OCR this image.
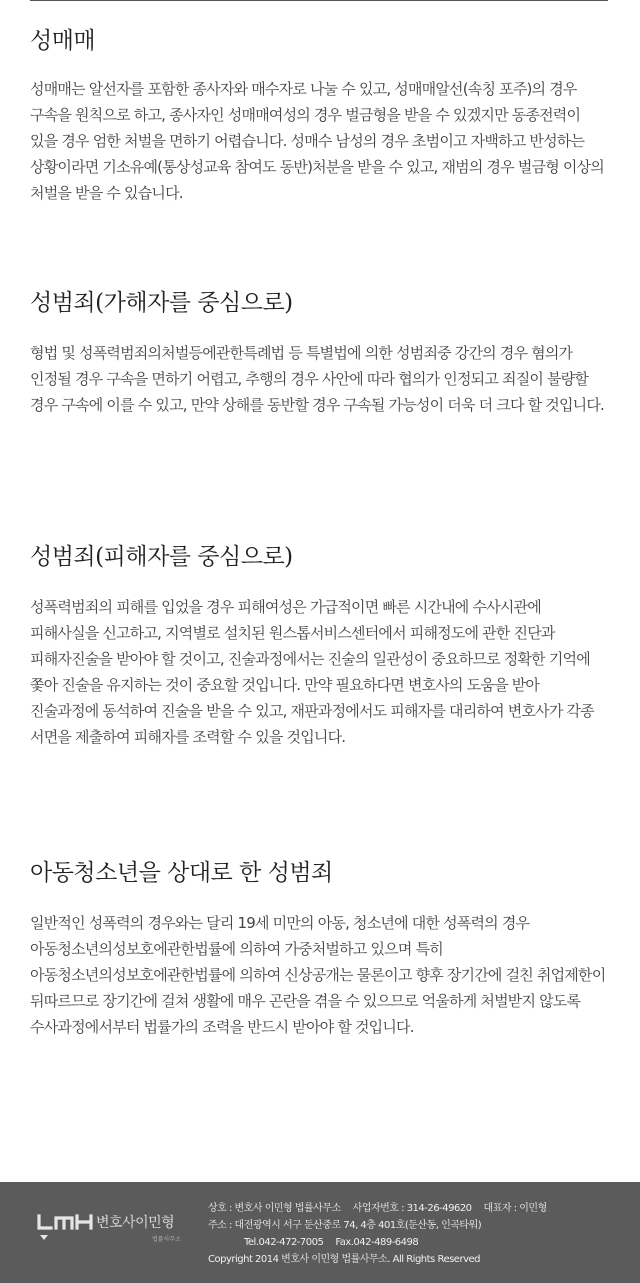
성매매

성매매는 알선자를 포함한 종사자와 매수자로 나눌 수 있고, 성매매알선(속칭 포주)의 경우 구속을 원칙으로 하고, 종사자인 성매매여성의 경우 벌금형을 받을 수 있겠지만 동종전력이 있을 경우 엄한 처벌을 면하기 어렵습니다. 성매수 남성의 경우 초범이고 자백하고 반성하는 상황이라면 기소유예(통상성교육 참여도 동반)처분을 받을 수 있고, 재범의 경우 벌금형 이상의 처벌을 받을 수 있습니다.

성범죄(가해자를 중심으로)

형법 및 성폭력범죄의처벌등에관한특례법 등 특별법에 의한 성범죄중 강간의 경우 혐의가 인정될 경우 구속을 면하기 어렵고, 추행의 경우 사안에 따라 협의가 인정되고 죄질이 불량할 경우 구속에 이를 수 있고, 만약 상해를 동반할 경우 구속될 가능성이 더욱 더 크다 할 것입니다.

성범죄(피해자를 중심으로)

성폭력범죄의 피해를 입었을 경우 피해여성은 가급적이면 빠른 시간내에 수사시관에 피해사실을 신고하고, 지역별로 설치된 원스톱서비스센터에서 피해정도에 관한 진단과 피해자진술을 받아야 할 것이고, 진술과정에서는 진술의 일관성이 중요하므로 정확한 기억에 쫓아 진술을 유지하는 것이 중요할 것입니다. 만약 필요하다면 변호사의 도움을 받아 진술과정에 동석하여 진술을 받을 수 있고, 재판과정에서도 피해자를 대리하여 변호사가 각종 서면을 제출하여 피해자를 조력할 수 있을 것입니다.

아동청소년을 상대로 한 성범죄

일반적인 성폭력의 경우와는 달리 19세 미만의 아동, 청소년에 대한 성폭력의 경우 아동청소년의성보호에관한법률에 의하여 가중처벌하고 있으며 특히 아동청소년의성보호에관한법률에 의하여 신상공개는 물론이고 향후 장기간에 걸친 취업제한이 뒤따르므로 장기간에 걸쳐 생활에 매우 곤란을 겪을 수 있으므로 억울하게 처벌받지 않도록 수사과정에서부터 법률가의 조력을 반드시 받아야 할 것입니다.

변호사이민형
법률사무소
상호 : 변호사 이민형 법률사무소 사업자번호 : 314-26-49620 대표자 : 이민형
주소 : 대전광역시 서구 둔산중로 74, 4층 401호(둔산동, 인곡타워)
Tel.042-472-7005 Fax.042-489-6498
Copyright 2014 변호사 이민형 법률사무소. All Rights Reserved
